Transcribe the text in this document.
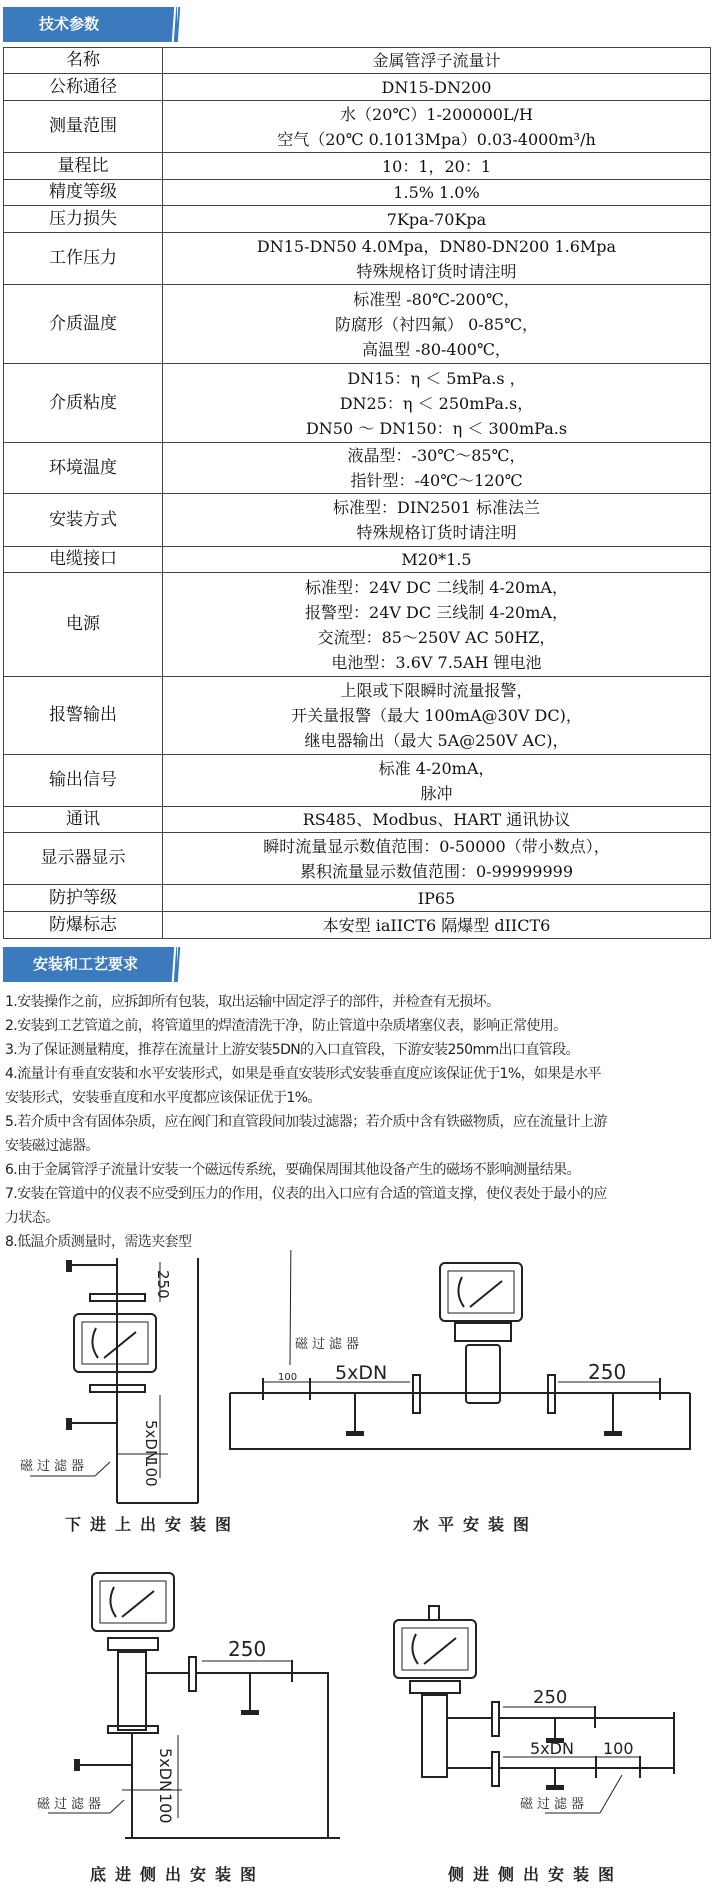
技术参数
名称	金属管浮子流量计

公称通径	DN15-DN200

测量范围	水（20℃）1-200000L/H
空气（20℃ 0.1013Mpa）0.03-4000m³/h

量程比	10：1，20：1

精度等级	1.5% 1.0%

压力损失	7Kpa-70Kpa

工作压力	DN15-DN50 4.0Mpa，DN80-DN200 1.6Mpa
特殊规格订货时请注明

介质温度	标准型 -80℃-200℃，
防腐形（衬四氟） 0-85℃，
高温型 -80-400℃，

介质粘度	DN15：η ＜ 5mPa.s ，
DN25：η ＜ 250mPa.s，
DN50 ～ DN150：η ＜ 300mPa.s

环境温度	液晶型：-30℃～85℃，
指针型：-40℃～120℃

安装方式	标准型：DIN2501 标准法兰
特殊规格订货时请注明

电缆接口	M20*1.5

电源	标准型：24V DC 二线制 4-20mA，
报警型：24V DC 三线制 4-20mA，
交流型：85～250V AC 50HZ，
电池型：3.6V 7.5AH 锂电池

报警输出	上限或下限瞬时流量报警，
开关量报警（最大 100mA@30V DC)，
继电器输出（最大 5A@250V AC)，

输出信号	标准 4-20mA，
脉冲

通讯	RS485、Modbus、HART 通讯协议

显示器显示	瞬时流量显示数值范围：0-50000（带小数点），
累积流量显示数值范围：0-99999999

防护等级	IP65

防爆标志	本安型 iaIICT6 隔爆型 dIICT6
安装和工艺要求
1.安装操作之前，应拆卸所有包装，取出运输中固定浮子的部件，并检查有无损坏。
2.安装到工艺管道之前，将管道里的焊渣清洗干净，防止管道中杂质堵塞仪表，影响正常使用。
3.为了保证测量精度，推荐在流量计上游安装5DN的入口直管段，下游安装250mm出口直管段。
4.流量计有垂直安装和水平安装形式，如果是垂直安装形式安装垂直度应该保证优于1%，如果是水平
安装形式，安装垂直度和水平度都应该保证优于1%。
5.若介质中含有固体杂质，应在阀门和直管段间加装过滤器；若介质中含有铁磁物质，应在流量计上游
安装磁过滤器。
6.由于金属管浮子流量计安装一个磁远传系统，要确保周围其他设备产生的磁场不影响测量结果。
7.安装在管道中的仪表不应受到压力的作用，仪表的出入口应有合适的管道支撑，使仪表处于最小的应
力状态。
8.低温介质测量时，需选夹套型
250
5xDN
100
磁过滤器
下进上出安装图
100 5xDN	250
磁过滤器
水平安装图
250
5xDN
100
磁过滤器
底进侧出安装图
250
5xDN 100
磁过滤器
侧进侧出安装图
